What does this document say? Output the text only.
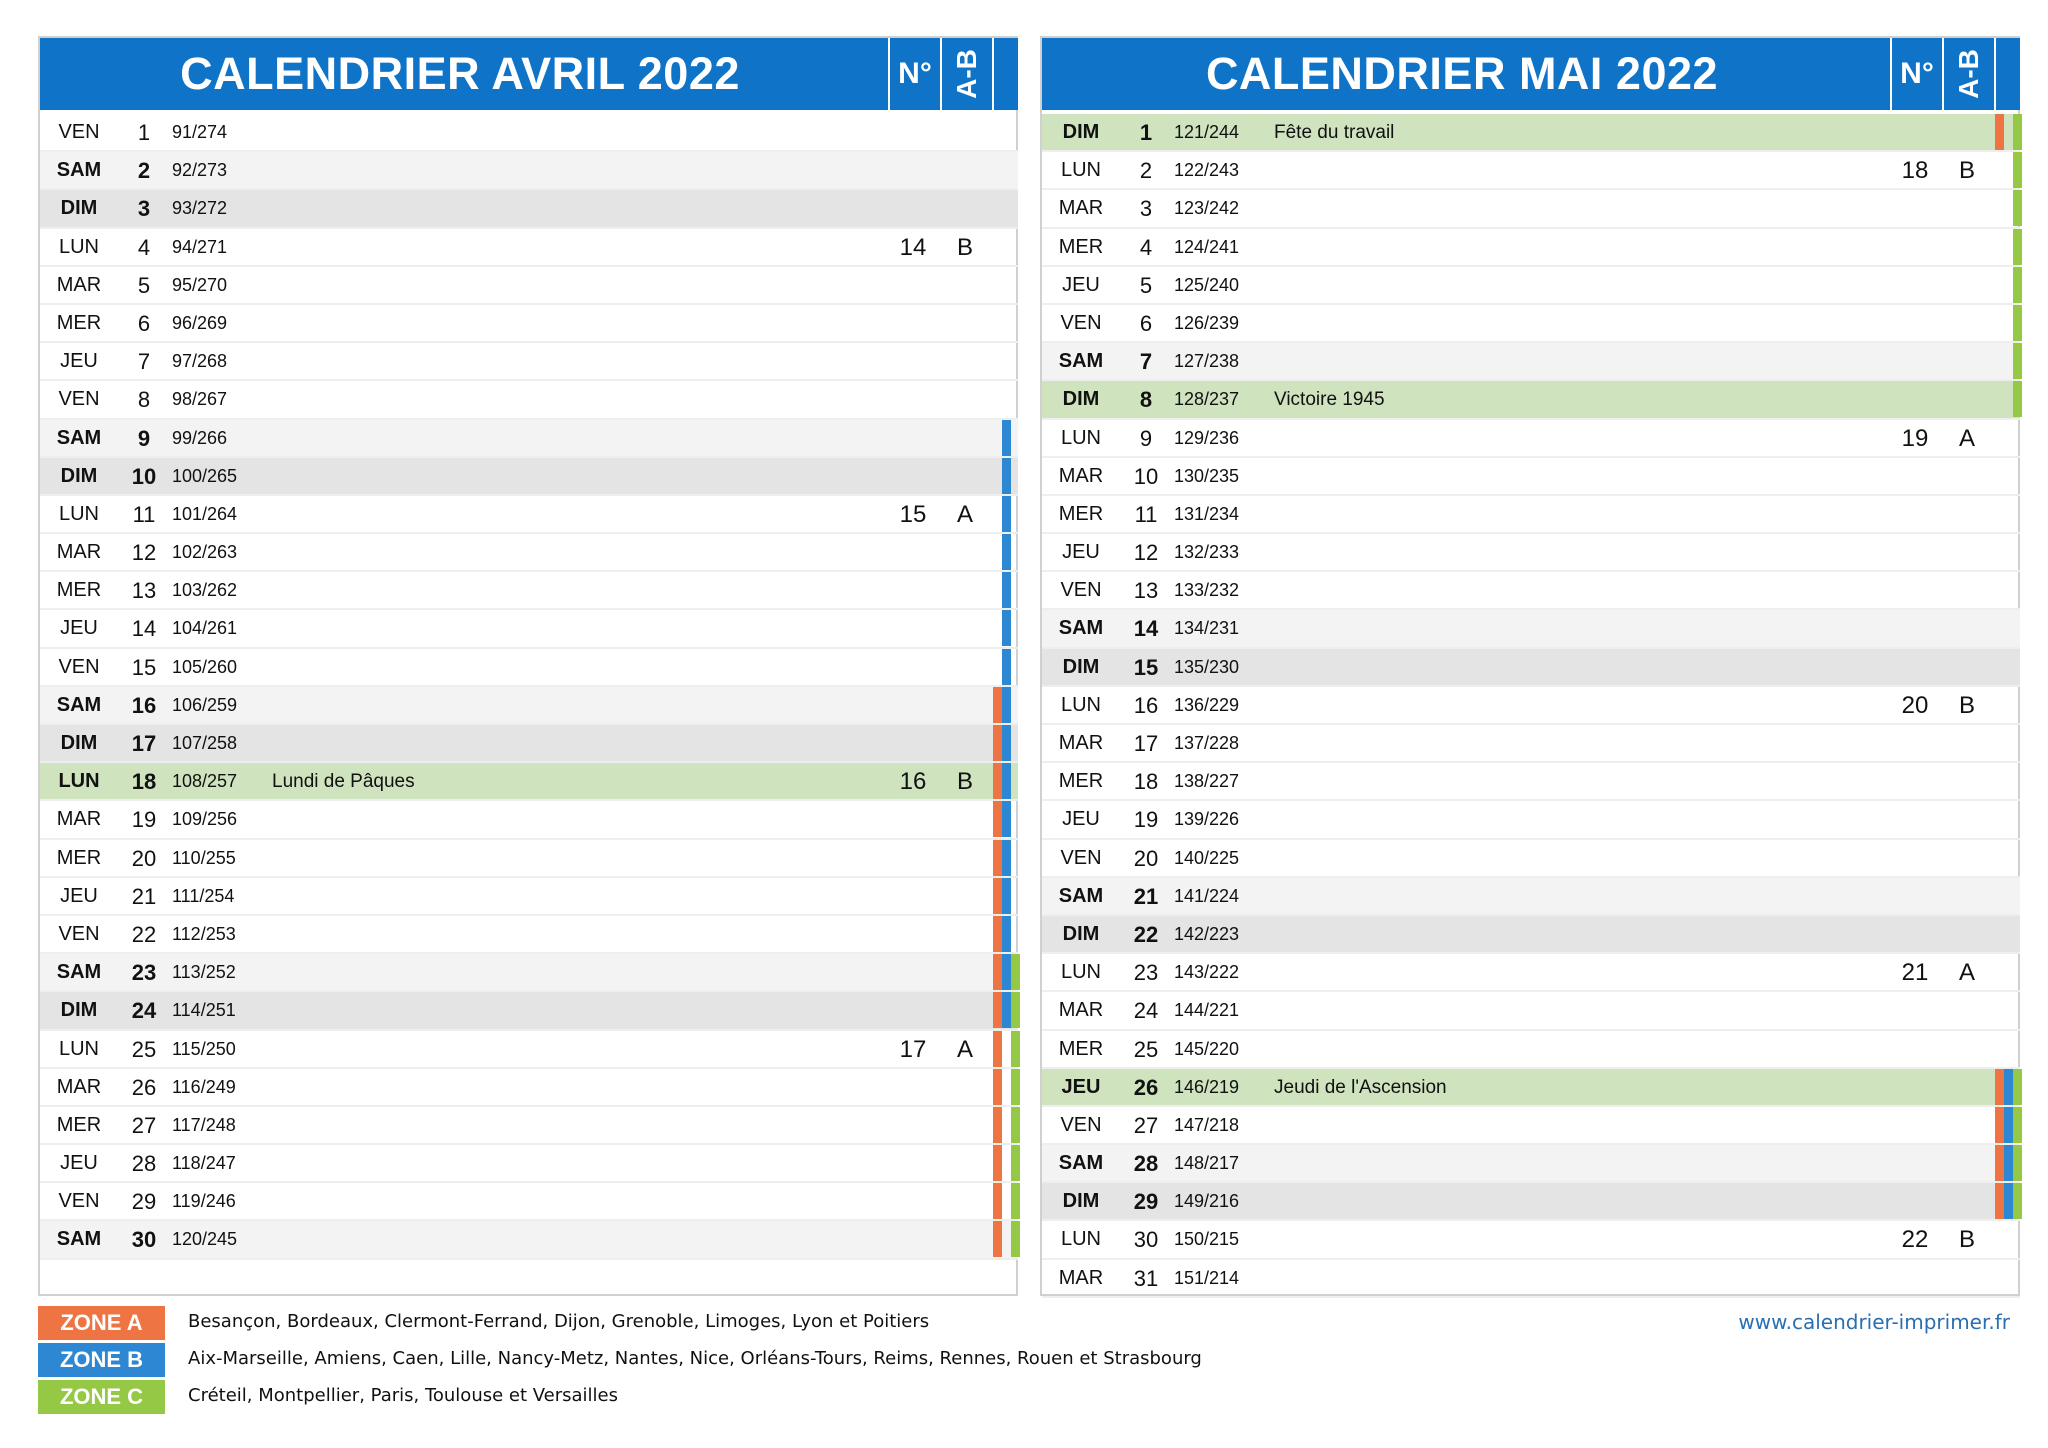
CALENDRIER AVRIL 2022	N° A-B
VEN	1	91/274
SAM	2	92/273
DIM	3	93/272
LUN	4	94/271	14	B
MAR	5	95/270
MER	6	96/269
JEU	7	97/268
VEN	8	98/267
SAM	9	99/266
DIM	10 100/265
LUN	11 101/264	15	A
MAR	12 102/263
MER	13 103/262
JEU	14 104/261
VEN	15 105/260
SAM	16 106/259
DIM	17 107/258
LUN	18 108/257	Lundi de Pâques	16	B
MAR	19 109/256
MER	20 110/255
JEU	21 111/254
VEN	22 112/253
SAM	23 113/252
DIM	24 114/251
LUN	25 115/250	17	A
MAR	26 116/249
MER	27 117/248
JEU	28 118/247
VEN	29 119/246
SAM	30 120/245
CALENDRIER MAI 2022	N° A-B
DIM	1	121/244	Fête du travail
LUN	2	122/243	18	B
MAR	3	123/242
MER	4	124/241
JEU	5	125/240
VEN	6	126/239
SAM	7	127/238
DIM	8	128/237	Victoire 1945
LUN	9	129/236	19	A
MAR	10 130/235
MER	11 131/234
JEU	12 132/233
VEN	13 133/232
SAM	14 134/231
DIM	15 135/230
LUN	16 136/229	20	B
MAR	17 137/228
MER	18 138/227
JEU	19 139/226
VEN	20 140/225
SAM	21 141/224
DIM	22 142/223
LUN	23 143/222	21	A
MAR	24 144/221
MER	25 145/220
JEU	26 146/219	Jeudi de l'Ascension
VEN	27 147/218
SAM	28 148/217
DIM	29 149/216
LUN	30 150/215	22	B
MAR	31 151/214
ZONE A	Besançon, Bordeaux, Clermont-Ferrand, Dijon, Grenoble, Limoges, Lyon et Poitiers
ZONE B	Aix-Marseille, Amiens, Caen, Lille, Nancy-Metz, Nantes, Nice, Orléans-Tours, Reims, Rennes, Rouen et Strasbourg
ZONE C	Créteil, Montpellier, Paris, Toulouse et Versailles
www.calendrier-imprimer.fr
